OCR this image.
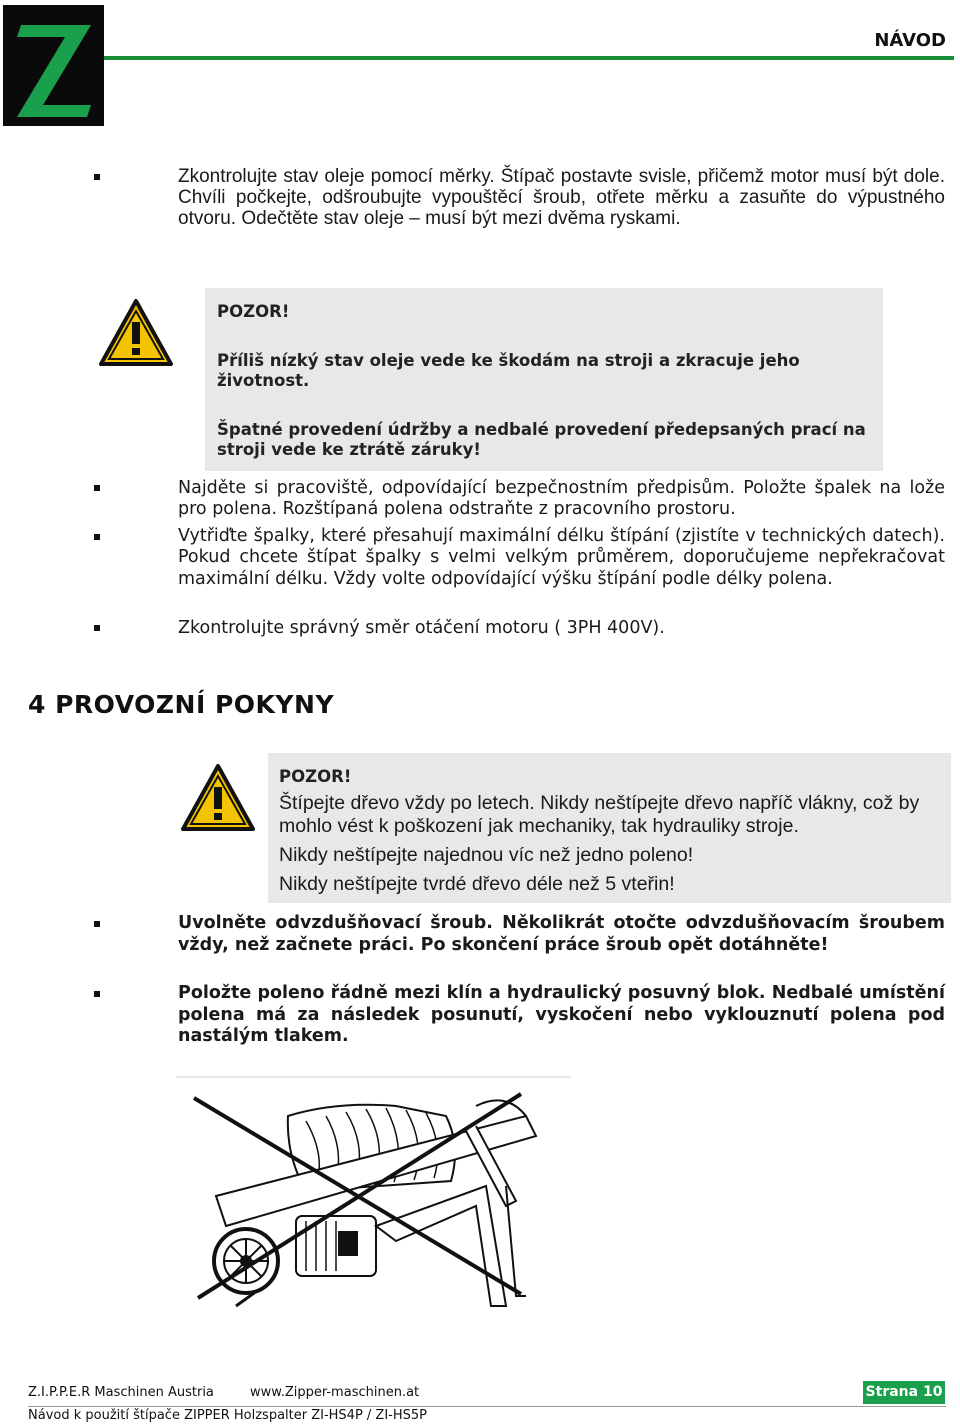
Z
NÁVOD
Zkontrolujte stav oleje pomocí měrky. Štípač postavte svisle, přičemž motor musí být dole. Chvíli počkejte, odšroubujte vypouštěcí šroub, otřete měrku a zasuňte do výpustného otvoru. Odečtěte stav oleje – musí být mezi dvěma ryskami.
POZOR!
Příliš nízký stav oleje vede ke škodám na stroji a zkracuje jeho životnost.
Špatné provedení údržby a nedbalé provedení předepsaných prací na stroji vede ke ztrátě záruky!
Najděte si pracoviště, odpovídající bezpečnostním předpisům. Položte špalek na lože pro polena. Rozštípaná polena odstraňte z pracovního prostoru.
Vytřiďte špalky, které přesahují maximální délku štípání (zjistíte v technických datech). Pokud chcete štípat špalky s velmi velkým průměrem, doporučujeme nepřekračovat maximální délku. Vždy volte odpovídající výšku štípání podle délky polena.
Zkontrolujte správný směr otáčení motoru ( 3PH 400V).
4 PROVOZNÍ POKYNY
POZOR!
Štípejte dřevo vždy po letech. Nikdy neštípejte dřevo napříč vlákny, což by mohlo vést k poškození jak mechaniky, tak hydrauliky stroje.
Nikdy neštípejte najednou víc než jedno poleno!
Nikdy neštípejte tvrdé dřevo déle než 5 vteřin!
Uvolněte odvzdušňovací šroub. Několikrát otočte odvzdušňovacím šroubem vždy, než začnete práci. Po skončení práce šroub opět dotáhněte!
Položte poleno řádně mezi klín a hydraulický posuvný blok. Nedbalé umístění polena má za následek posunutí, vyskočení nebo vyklouznutí polena pod nastálým tlakem.
Z.I.P.P.E.R Maschinen Austria	www.Zipper-maschinen.at	Strana 10
Návod k použití štípače ZIPPER Holzspalter ZI-HS4P / ZI-HS5P
